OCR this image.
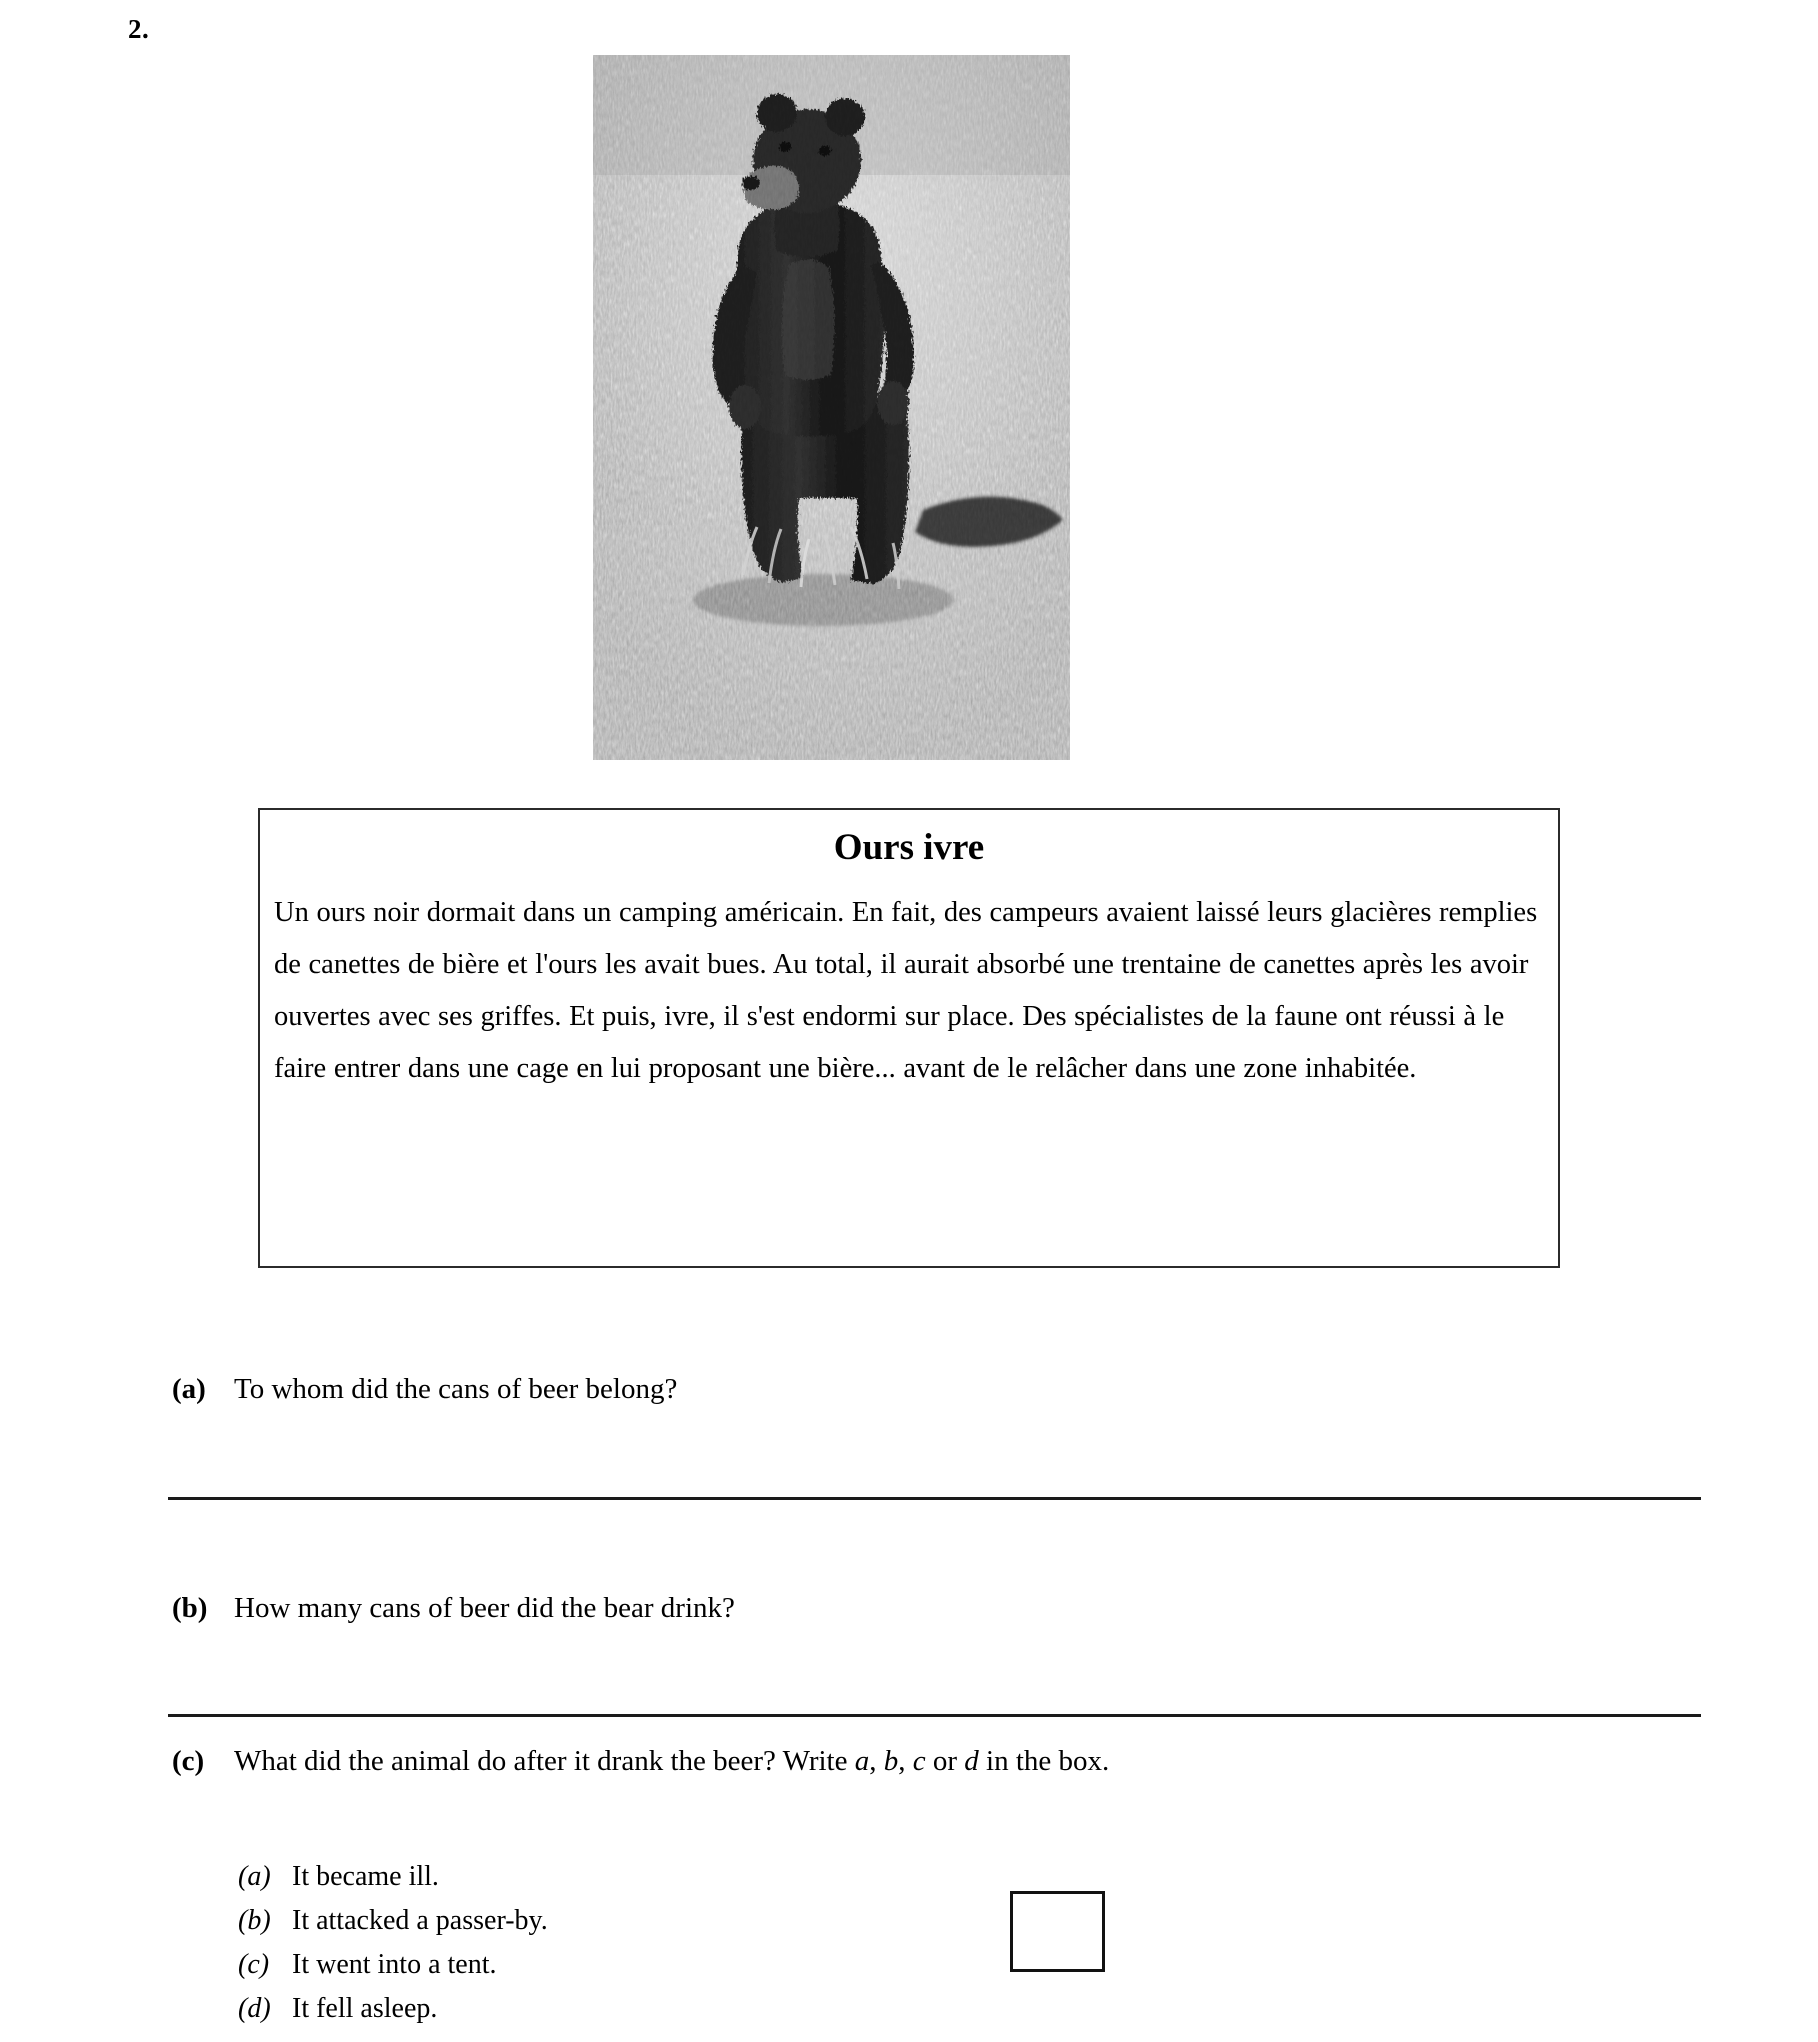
2.
Ours ivre
Un ours noir dormait dans un camping américain. En fait, des campeurs avaient laissé leurs glacières remplies de canettes de bière et l'ours les avait bues. Au total, il aurait absorbé une trentaine de canettes après les avoir ouvertes avec ses griffes. Et puis, ivre, il s'est endormi sur place. Des spécialistes de la faune ont réussi à le faire entrer dans une cage en lui proposant une bière... avant de le relâcher dans une zone inhabitée.
(a) To whom did the cans of beer belong?
(b) How many cans of beer did the bear drink?
(c)	What did the animal do after it drank the beer? Write a, b, c or d in the box.
(a) It became ill.
(b) It attacked a passer-by.
(c) It went into a tent.
(d) It fell asleep.
